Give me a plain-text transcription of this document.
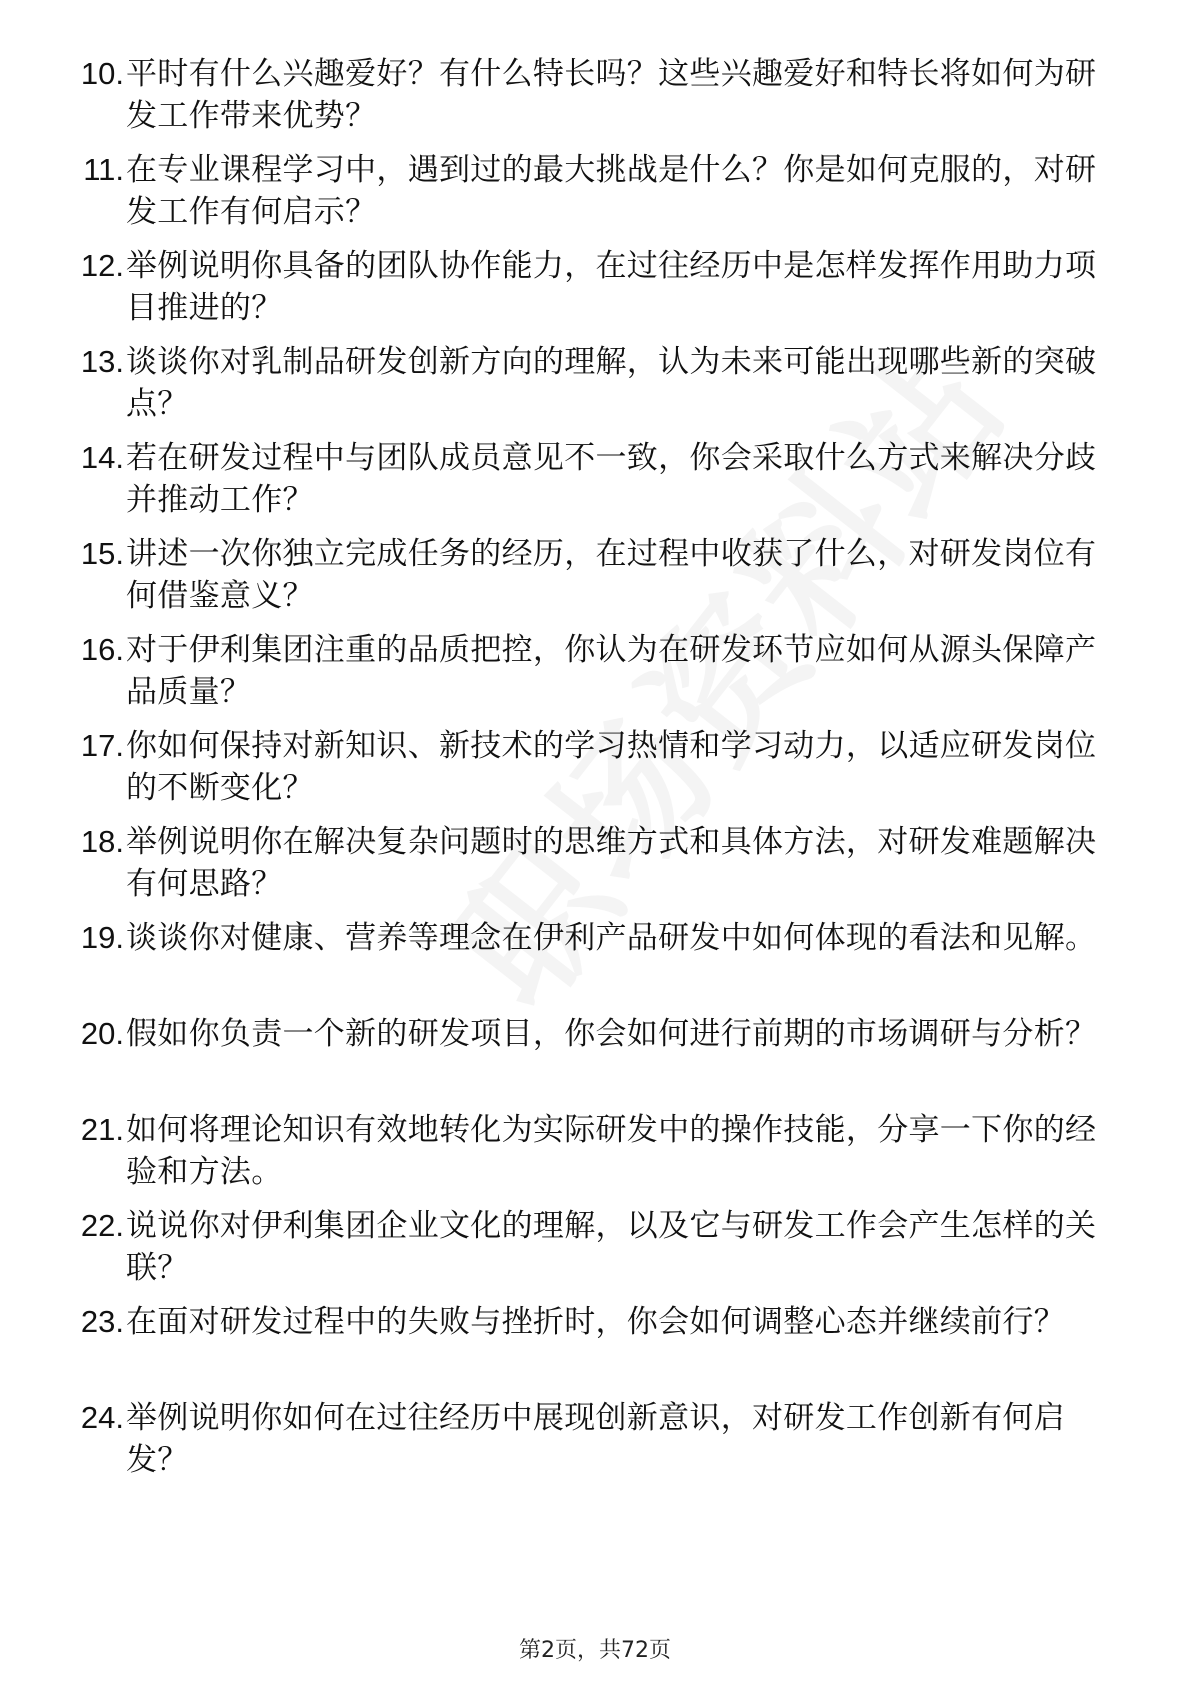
10. 平时有什么兴趣爱好？有什么特长吗？这些兴趣爱好和特长将如何为研发工作带来优势？
11. 在专业课程学习中，遇到过的最大挑战是什么？你是如何克服的，对研发工作有何启示？
12. 举例说明你具备的团队协作能力，在过往经历中是怎样发挥作用助力项目推进的？
13. 谈谈你对乳制品研发创新方向的理解，认为未来可能出现哪些新的突破点？
14. 若在研发过程中与团队成员意见不一致，你会采取什么方式来解决分歧并推动工作？
15. 讲述一次你独立完成任务的经历，在过程中收获了什么，对研发岗位有何借鉴意义？
16. 对于伊利集团注重的品质把控，你认为在研发环节应如何从源头保障产品质量？
17. 你如何保持对新知识、新技术的学习热情和学习动力，以适应研发岗位的不断变化？
18. 举例说明你在解决复杂问题时的思维方式和具体方法，对研发难题解决有何思路？
19. 谈谈你对健康、营养等理念在伊利产品研发中如何体现的看法和见解。
20. 假如你负责一个新的研发项目，你会如何进行前期的市场调研与分析？
21. 如何将理论知识有效地转化为实际研发中的操作技能，分享一下你的经验和方法。
22. 说说你对伊利集团企业文化的理解，以及它与研发工作会产生怎样的关联？
23. 在面对研发过程中的失败与挫折时，你会如何调整心态并继续前行？
24. 举例说明你如何在过往经历中展现创新意识，对研发工作创新有何启发？
第2页，共72页
